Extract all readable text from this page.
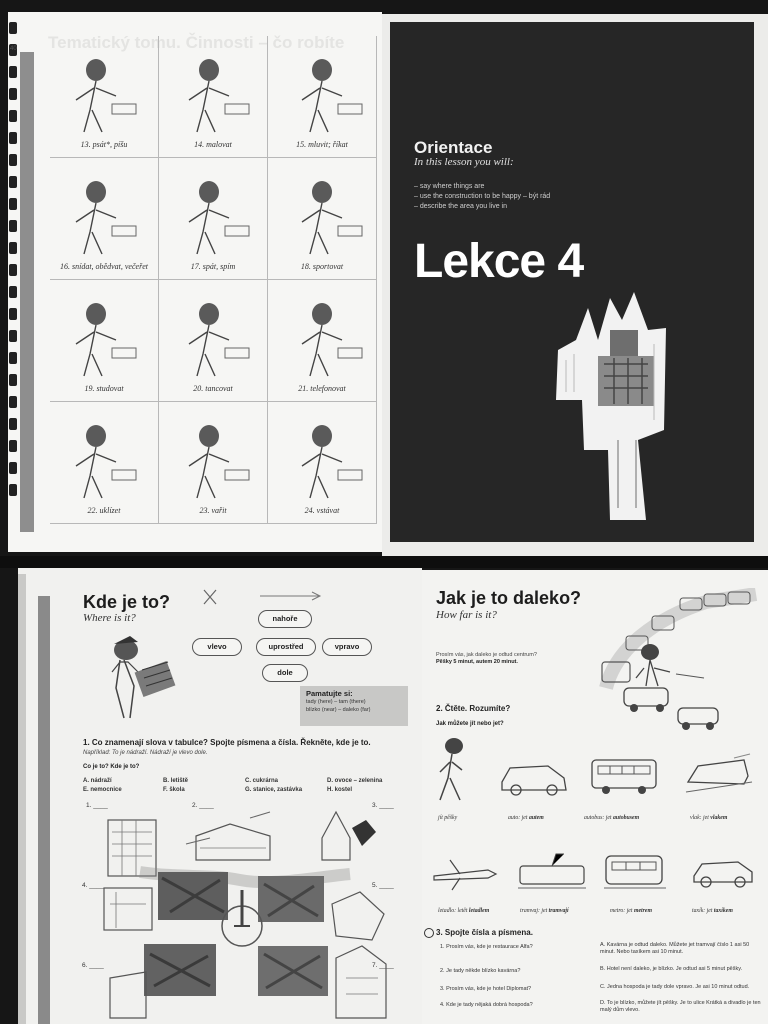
Tematický tomu. Činnosti – čo robíte
40
13. psát*, píšu	14. malovat	15. mluvit; říkat
16. snídat, obědvat, večeřet	17. spát, spím	18. sportovat
19. studovat	20. tancovat	21. telefonovat
22. uklízet	23. vařit	24. vstávat
Orientace
In this lesson you will:
– say where things are
– use the construction to be happy – být rád
– describe the area you live in
Lekce 4
Kde je to?
Where is it?	nahoře
vlevo	uprostřed	vpravo
dole
Pamatujte si:

tady (here) – tam (there)

blízko (near) – daleko (far)

1. Co znamenají slova v tabulce? Spojte písmena a čísla. Řekněte, kde je to.
Například: To je nádraží. Nádraží je vlevo dole.
Co je to? Kde je to?
A. nádraží	B. letiště	C. cukrárna	D. ovoce – zelenina
E. nemocnice	F. škola	G. stanice, zastávka	H. kostel
1. ____	2. ____	3. ____
4. ____	5. ____
6. ____	7. ____
Jak je to daleko?
How far is it?
Prosím vás, jak daleko je odtud centrum?
Pěšky 5 minut, autem 20 minut.
2. Čtěte. Rozumíte?
Jak můžete jít nebo jet?
jít pěšky	auto: jet autem	autobus: jet autobusem	vlak: jet vlakem
letadlo: letět letadlem	tramvaj: jet tramvají	metro: jet metrem	taxík: jet taxíkem
3. Spojte čísla a písmena.
1. Prosím vás, kde je restaurace Alfa?
2. Je tady někde blízko kavárna?
3. Prosím vás, kde je hotel Diplomat?
4. Kde je tady nějaká dobrá hospoda?
A. Kavárna je odtud daleko. Můžete jet tramvají číslo 1 asi 50 minut. Nebo taxíkem asi 10 minut.
B. Hotel není daleko, je blízko. Je odtud asi 5 minut pěšky.
C. Jedna hospoda je tady dole vpravo. Je asi 10 minut odtud.
D. To je blízko, můžete jít pěšky. Je to ulice Krátká a divadlo je ten malý dům vlevo.
